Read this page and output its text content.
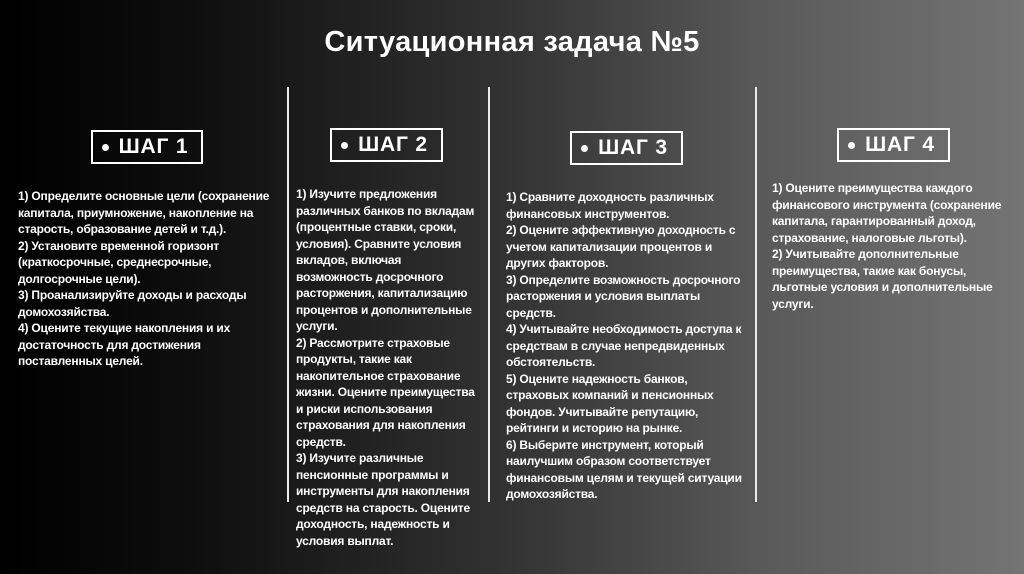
Ситуационная задача №5
ШАГ 1

1) Определите основные цели (сохранение капитала, приумножение, накопление на старость, образование детей и т.д.).

2) Установите временной горизонт (краткосрочные, среднесрочные, долгосрочные цели).

3) Проанализируйте доходы и расходы домохозяйства.

4) Оцените текущие накопления и их достаточность для достижения поставленных целей.

ШАГ 2

1) Изучите предложения различных банков по вкладам (процентные ставки, сроки, условия). Сравните условия вкладов, включая возможность досрочного расторжения, капитализацию процентов и дополнительные услуги.

2) Рассмотрите страховые продукты, такие как накопительное страхование жизни. Оцените преимущества и риски использования страхования для накопления средств.

3) Изучите различные пенсионные программы и инструменты для накопления средств на старость. Оцените доходность, надежность и условия выплат.

ШАГ 3

1) Сравните доходность различных финансовых инструментов.

2) Оцените эффективную доходность с учетом капитализации процентов и других факторов.

3) Определите возможность досрочного расторжения и условия выплаты средств.

4) Учитывайте необходимость доступа к средствам в случае непредвиденных обстоятельств.

5) Оцените надежность банков, страховых компаний и пенсионных фондов. Учитывайте репутацию, рейтинги и историю на рынке.

6) Выберите инструмент, который наилучшим образом соответствует финансовым целям и текущей ситуации домохозяйства.

ШАГ 4

1) Оцените преимущества каждого финансового инструмента (сохранение капитала, гарантированный доход, страхование, налоговые льготы).

2) Учитывайте дополнительные преимущества, такие как бонусы, льготные условия и дополнительные услуги.
